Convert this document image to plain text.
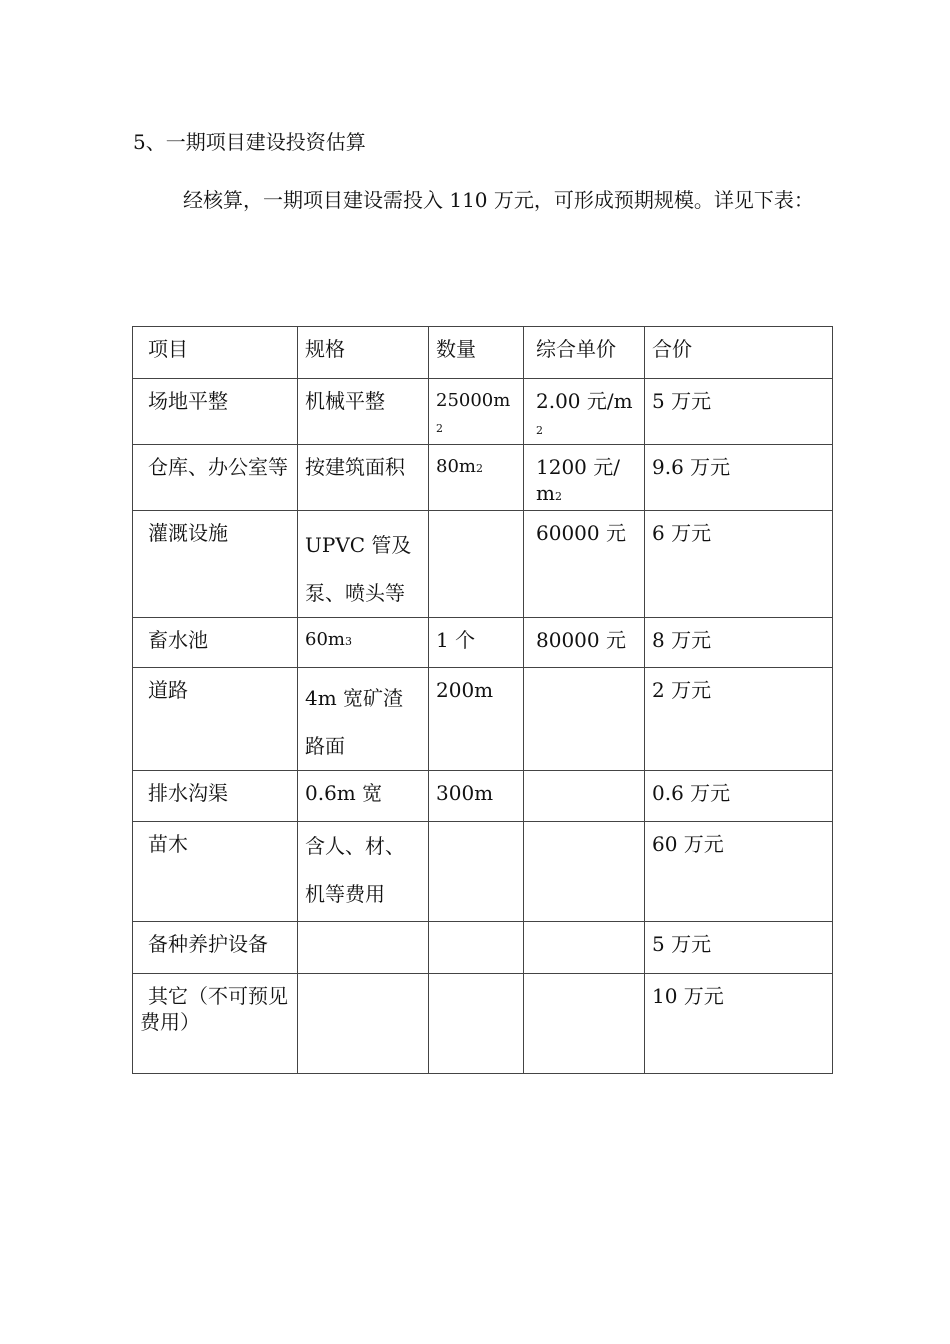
5、一期项目建设投资估算

经核算，一期项目建设需投入 110 万元，可形成预期规模。详见下表：

项目	规格	数量	综合单价	合价
场地平整	机械平整	25000m2	2.00 元/m2	5 万元

仓库、办公室等	按建筑面积	80m2	1200 元/m2	9.6 万元
灌溉设施	UPVC 管及泵、喷头等		60000 元	6 万元
畜水池	60m3	1 个	80000 元	8 万元
道路	4m 宽矿渣路面	200m		2 万元
排水沟渠	0.6m 宽	300m		0.6 万元
苗木	含人、材、机等费用			60 万元
备种养护设备				5 万元

其它（不可预见费用）				10 万元
